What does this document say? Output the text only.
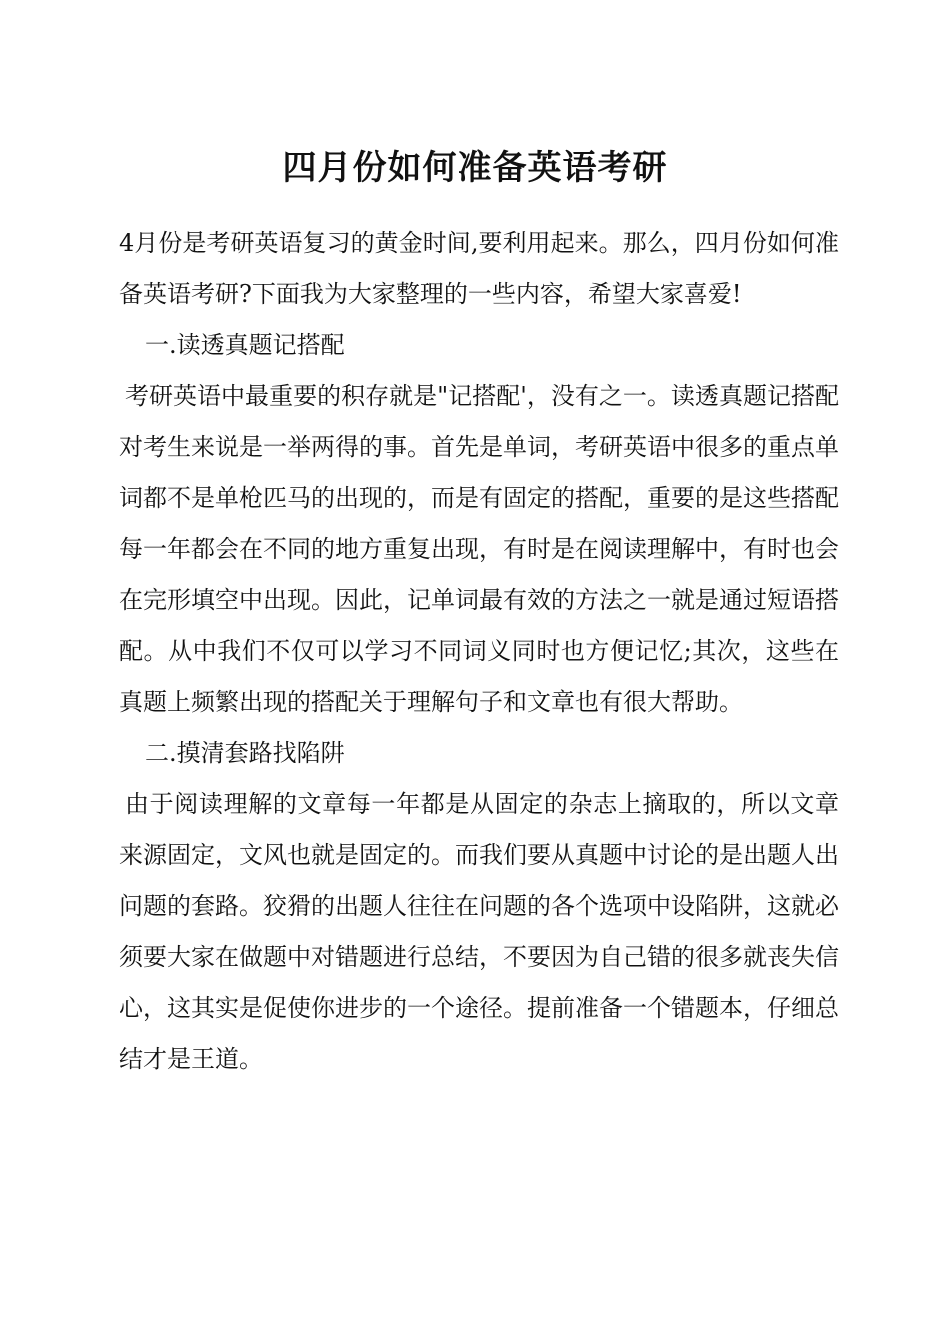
四月份如何准备英语考研

4月份是考研英语复习的黄金时间,要利用起来。那么，四月份如何准备英语考研?下面我为大家整理的一些内容，希望大家喜爱!

一.读透真题记搭配

考研英语中最重要的积存就是"记搭配'，没有之一。读透真题记搭配对考生来说是一举两得的事。首先是单词，考研英语中很多的重点单词都不是单枪匹马的出现的，而是有固定的搭配，重要的是这些搭配每一年都会在不同的地方重复出现，有时是在阅读理解中，有时也会在完形填空中出现。因此，记单词最有效的方法之一就是通过短语搭配。从中我们不仅可以学习不同词义同时也方便记忆;其次，这些在真题上频繁出现的搭配关于理解句子和文章也有很大帮助。

二.摸清套路找陷阱

由于阅读理解的文章每一年都是从固定的杂志上摘取的，所以文章来源固定，文风也就是固定的。而我们要从真题中讨论的是出题人出问题的套路。狡猾的出题人往往在问题的各个选项中设陷阱，这就必须要大家在做题中对错题进行总结，不要因为自己错的很多就丧失信心，这其实是促使你进步的一个途径。提前准备一个错题本，仔细总结才是王道。
